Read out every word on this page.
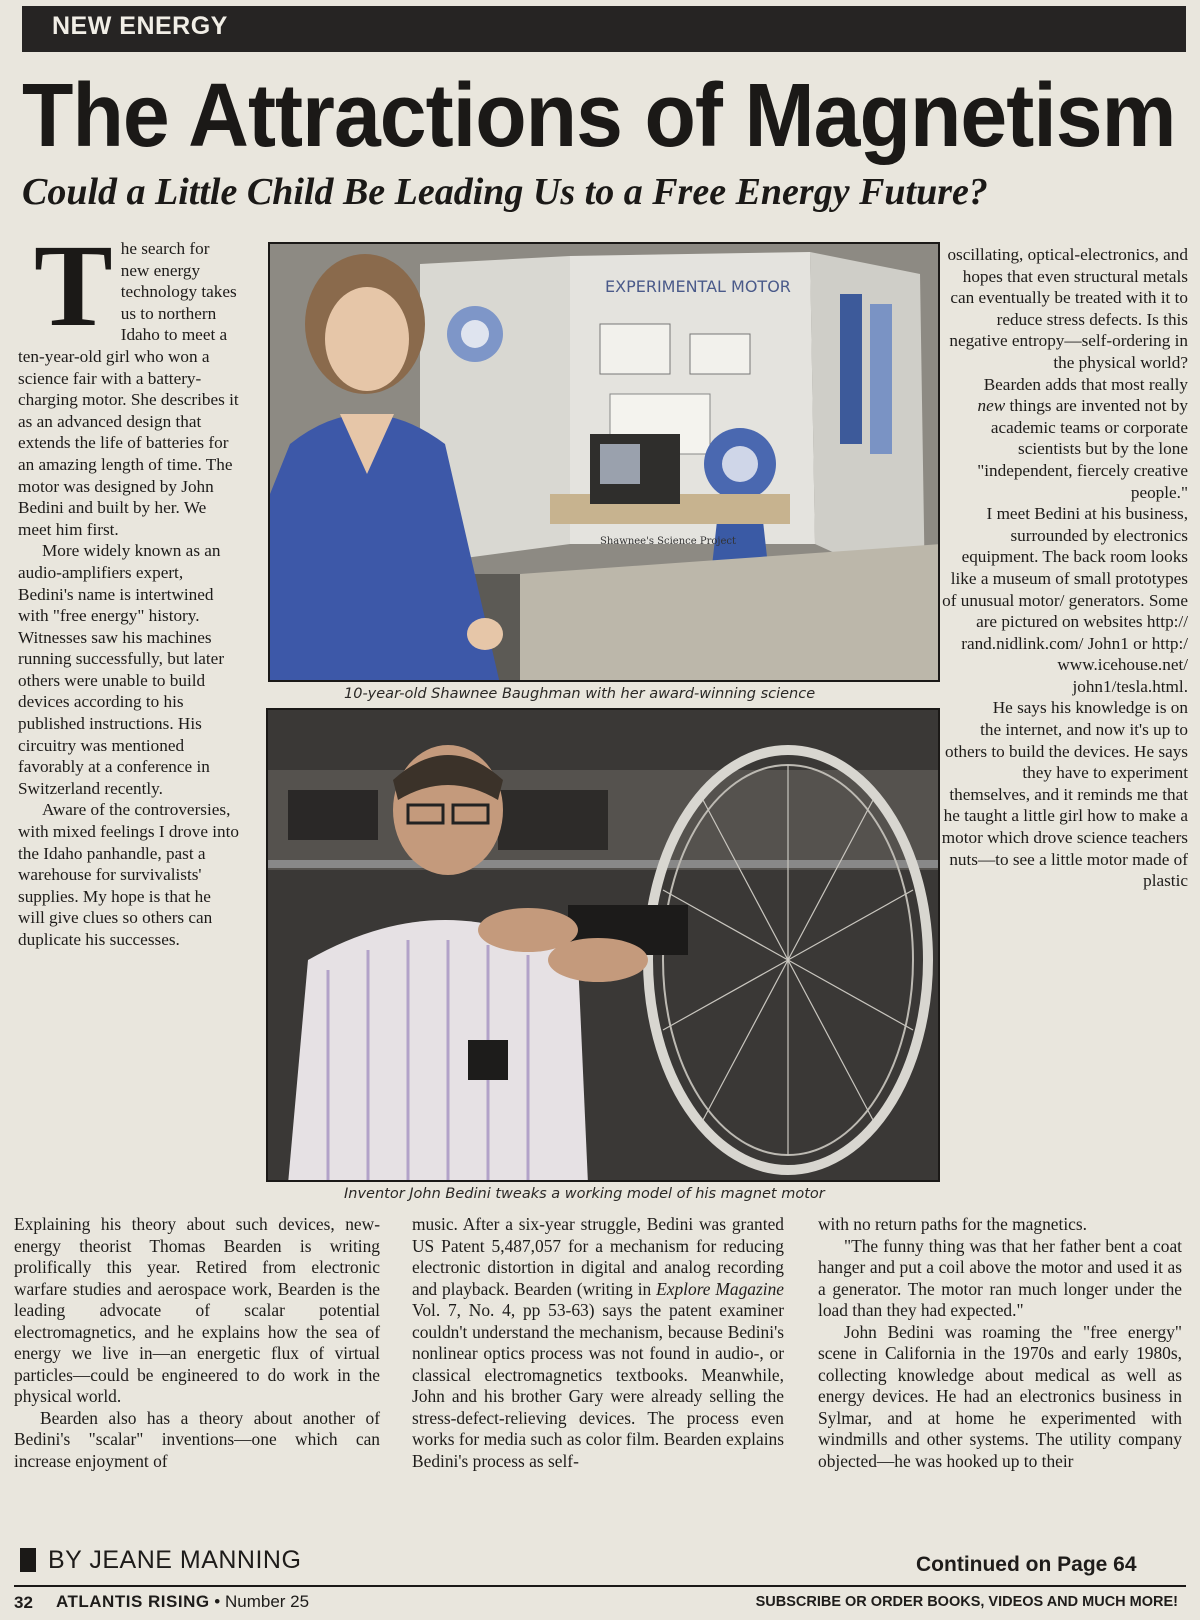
NEW ENERGY
The Attractions of Magnetism
Could a Little Child Be Leading Us to a Free Energy Future?

The search for new energy technology takes us to northern Idaho to meet a ten-year-old girl who won a science fair with a battery-charging motor. She describes it as an advanced design that extends the life of batteries for an amazing length of time. The motor was designed by John Bedini and built by her. We meet him first.

More widely known as an audio-amplifiers expert, Bedini's name is intertwined with "free energy" history. Witnesses saw his machines running successfully, but later others were unable to build devices according to his published instructions. His circuitry was mentioned favorably at a conference in Switzerland recently.

Aware of the controversies, with mixed feelings I drove into the Idaho panhandle, past a warehouse for survivalists' supplies. My hope is that he will give clues so others can duplicate his successes.

EXPERIMENTAL MOTOR
Shawnee's Science Project
10-year-old Shawnee Baughman with her award-winning science
Inventor John Bedini tweaks a working model of his magnet motor

oscillating, optical-electronics, and hopes that even structural metals can eventually be treated with it to reduce stress defects. Is this negative entropy—self-ordering in the physical world?

Bearden adds that most really new things are invented not by academic teams or corporate scientists but by the lone "independent, fiercely creative people."

I meet Bedini at his business, surrounded by electronics equipment. The back room looks like a museum of small prototypes of unusual motor/ generators. Some are pictured on websites http:// rand.nidlink.com/ John1 or http:/ www.icehouse.net/ john1/tesla.html.

He says his knowledge is on the internet, and now it's up to others to build the devices. He says they have to experiment themselves, and it reminds me that he taught a little girl how to make a motor which drove science teachers nuts—to see a little motor made of plastic

Explaining his theory about such devices, new-energy theorist Thomas Bearden is writing prolifically this year. Retired from electronic warfare studies and aerospace work, Bearden is the leading advocate of scalar potential electromagnetics, and he explains how the sea of energy we live in—an energetic flux of virtual particles—could be engineered to do work in the physical world.

Bearden also has a theory about another of Bedini's "scalar" inventions—one which can increase enjoyment of

music. After a six-year struggle, Bedini was granted US Patent 5,487,057 for a mechanism for reducing electronic distortion in digital and analog recording and playback. Bearden (writing in Explore Magazine Vol. 7, No. 4, pp 53-63) says the patent examiner couldn't understand the mechanism, because Bedini's nonlinear optics process was not found in audio-, or classical electromagnetics textbooks. Meanwhile, John and his brother Gary were already selling the stress-defect-relieving devices. The process even works for media such as color film. Bearden explains Bedini's process as self-

with no return paths for the magnetics.

"The funny thing was that her father bent a coat hanger and put a coil above the motor and used it as a generator. The motor ran much longer under the load than they had expected."

John Bedini was roaming the "free energy" scene in California in the 1970s and early 1980s, collecting knowledge about medical as well as energy devices. He had an electronics business in Sylmar, and at home he experimented with windmills and other systems. The utility company objected—he was hooked up to their

BY JEANE MANNING	Continued on Page 64
32 ATLANTIS RISING • Number 25	SUBSCRIBE OR ORDER BOOKS, VIDEOS AND MUCH MORE!
